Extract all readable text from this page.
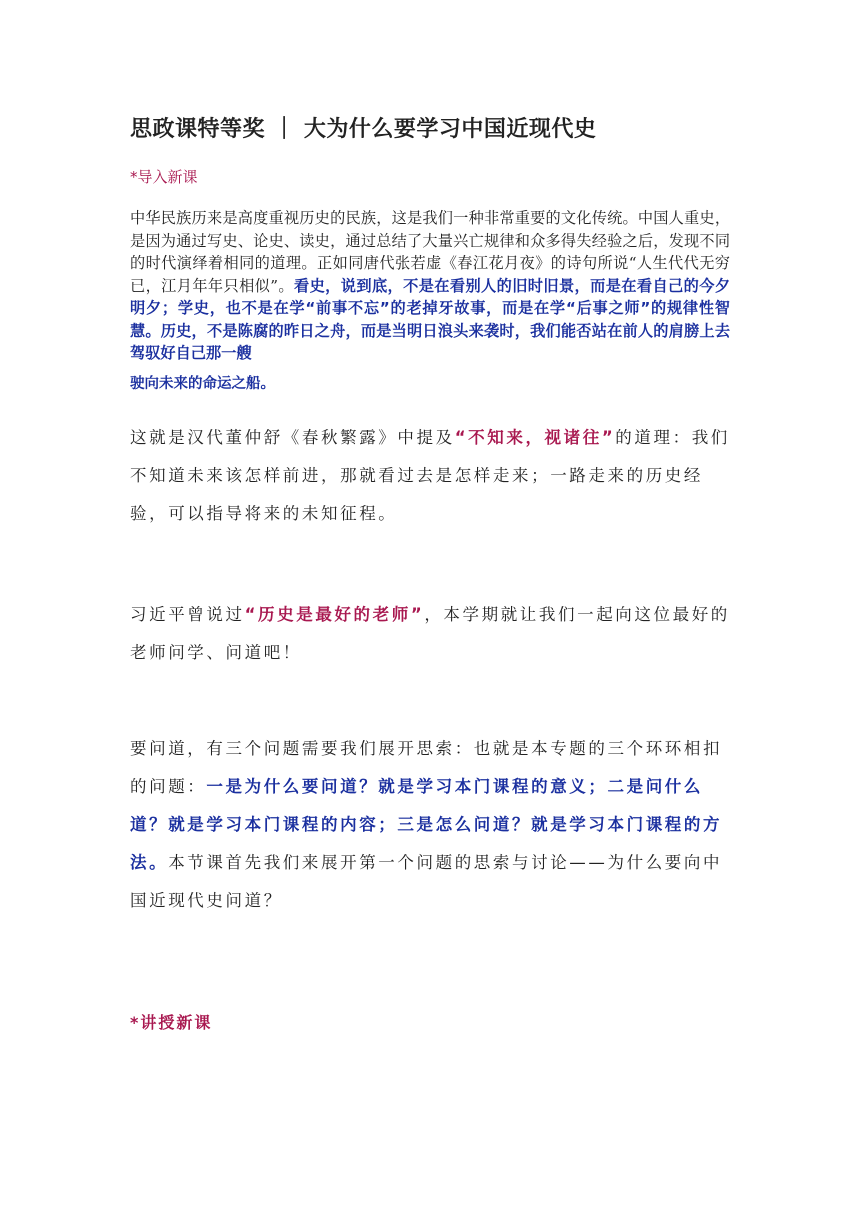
思政课特等奖 ｜ 大为什么要学习中国近现代史
*导入新课
中华民族历来是高度重视历史的民族，这是我们一种非常重要的文化传统。中国人重史，是因为通过写史、论史、读史，通过总结了大量兴亡规律和众多得失经验之后，发现不同的时代演绎着相同的道理。正如同唐代张若虚《春江花月夜》的诗句所说“人生代代无穷已，江月年年只相似”。看史，说到底，不是在看别人的旧时旧景，而是在看自己的今夕明夕；学史，也不是在学“前事不忘”的老掉牙故事，而是在学“后事之师”的规律性智慧。历史，不是陈腐的昨日之舟，而是当明日浪头来袭时，我们能否站在前人的肩膀上去驾驭好自己那一艘
驶向未来的命运之船。
这就是汉代董仲舒《春秋繁露》中提及“不知来，视诸往”的道理：我们不知道未来该怎样前进，那就看过去是怎样走来；一路走来的历史经验，可以指导将来的未知征程。
习近平曾说过“历史是最好的老师”，本学期就让我们一起向这位最好的老师问学、问道吧！
要问道，有三个问题需要我们展开思索：也就是本专题的三个环环相扣的问题：一是为什么要问道？就是学习本门课程的意义；二是问什么道？就是学习本门课程的内容；三是怎么问道？就是学习本门课程的方法。本节课首先我们来展开第一个问题的思索与讨论——为什么要向中国近现代史问道？
*讲授新课
